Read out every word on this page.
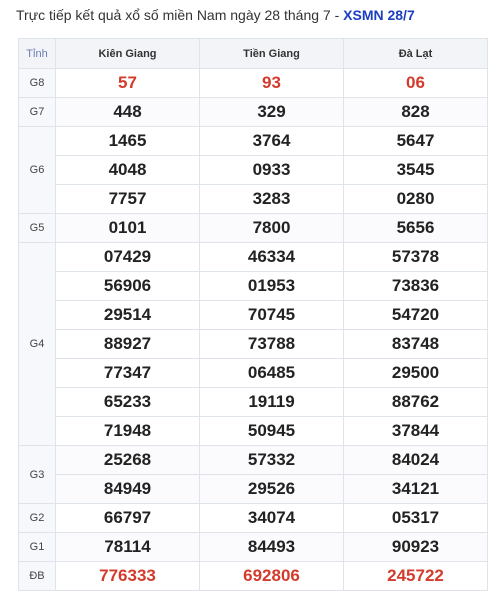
Trực tiếp kết quả xổ số miền Nam ngày 28 tháng 7 - XSMN 28/7
Tỉnh	Kiên Giang	Tiền Giang	Đà Lạt
G8	57	93	06
G7	448	329	828
G6	1465	3764	5647
	4048	0933	3545
	7757	3283	0280
G5	0101	7800	5656
G4	07429	46334	57378
	56906	01953	73836
	29514	70745	54720
	88927	73788	83748
	77347	06485	29500
	65233	19119	88762
	71948	50945	37844
G3	25268	57332	84024
	84949	29526	34121
G2	66797	34074	05317
G1	78114	84493	90923
ĐB	776333	692806	245722
